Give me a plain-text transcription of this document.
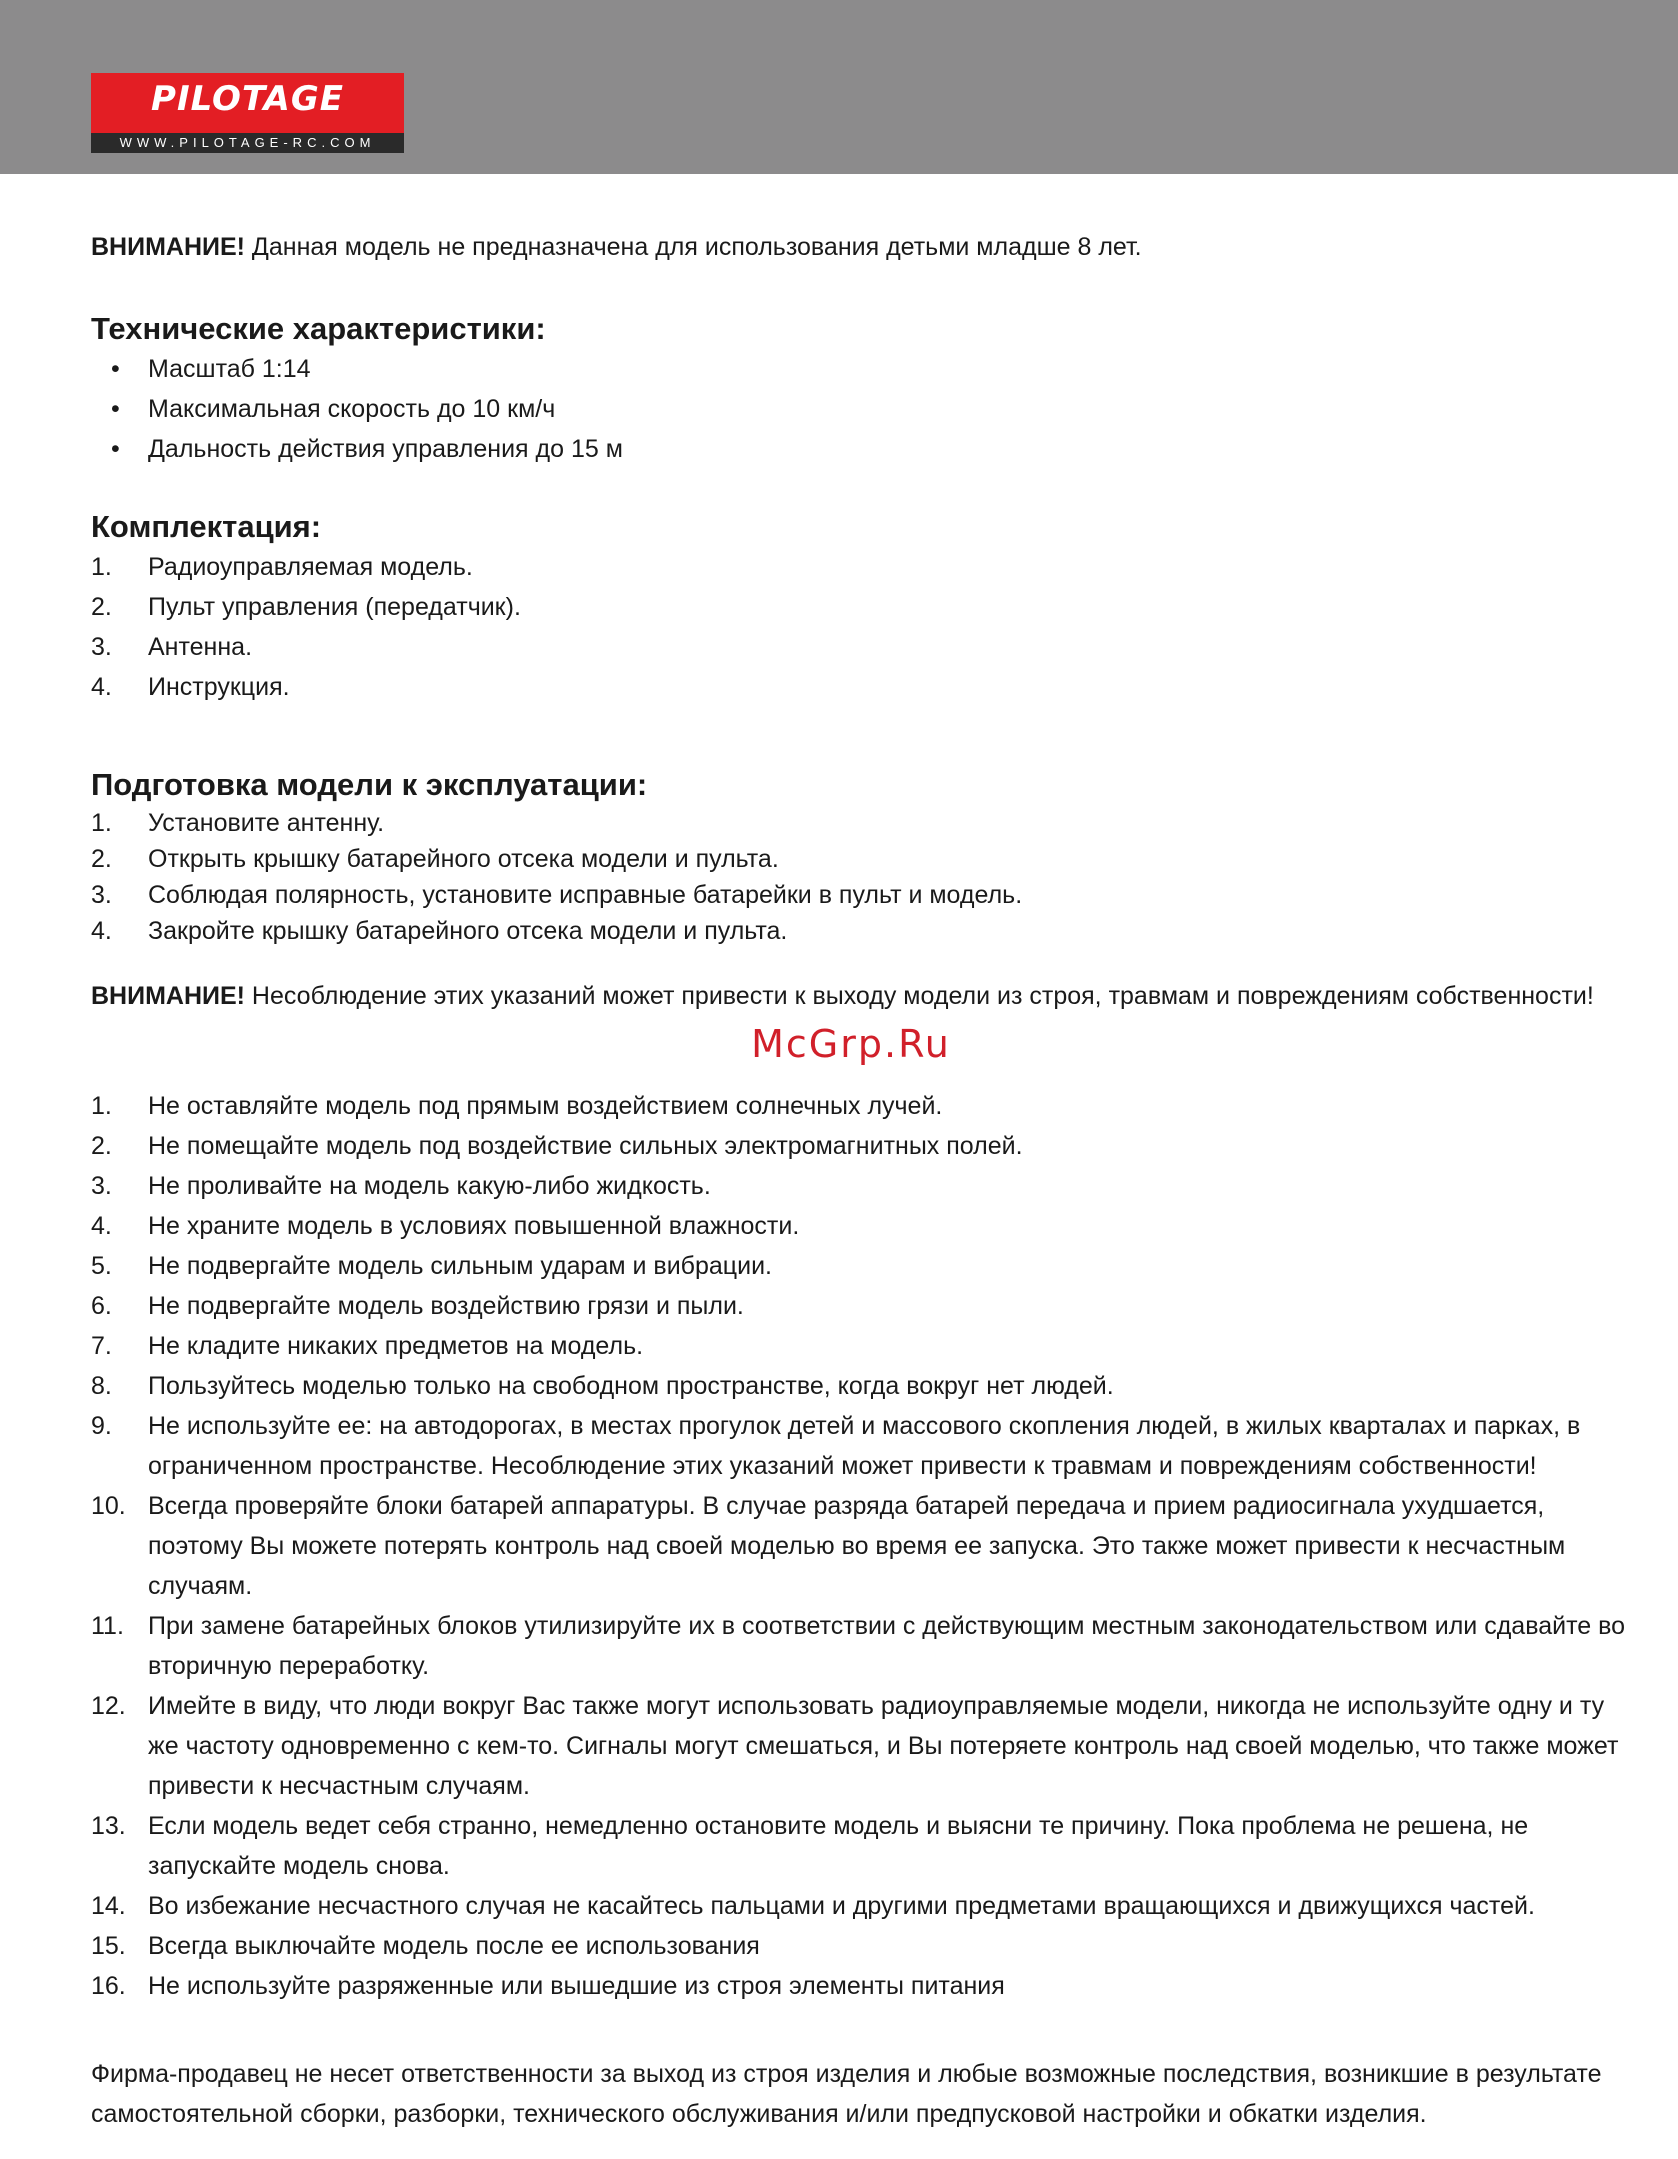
PILOTAGE
WWW.PILOTAGE-RC.COM

ВНИМАНИЕ! Данная модель не предназначена для использования детьми младше 8 лет.

Технические характеристики:
• Масштаб 1:14
• Максимальная скорость до 10 км/ч
• Дальность действия управления до 15 м
Комплектация:
1. Радиоуправляемая модель.
2. Пульт управления (передатчик).
3. Антенна.
4. Инструкция.
Подготовка модели к эксплуатации:
1. Установите антенну.
2. Открыть крышку батарейного отсека модели и пульта.
3. Соблюдая полярность, установите исправные батарейки в пульт и модель.
4. Закройте крышку батарейного отсека модели и пульта.

ВНИМАНИЕ! Несоблюдение этих указаний может привести к выходу модели из строя, травмам и повреждениям собственности!

McGrp.Ru
1. Не оставляйте модель под прямым воздействием солнечных лучей.
2. Не помещайте модель под воздействие сильных электромагнитных полей.
3. Не проливайте на модель какую-либо жидкость.
4. Не храните модель в условиях повышенной влажности.
5. Не подвергайте модель сильным ударам и вибрации.
6. Не подвергайте модель воздействию грязи и пыли.
7. Не кладите никаких предметов на модель.
8. Пользуйтесь моделью только на свободном пространстве, когда вокруг нет людей.
9. Не используйте ее: на автодорогах, в местах прогулок детей и массового скопления людей, в жилых кварталах и парках, в ограниченном пространстве. Несоблюдение этих указаний может привести к травмам и повреждениям собственности!
10. Всегда проверяйте блоки батарей аппаратуры. В случае разряда батарей передача и прием радиосигнала ухудшается, поэтому Вы можете потерять контроль над своей моделью во время ее запуска. Это также может привести к несчастным случаям.
11. При замене батарейных блоков утилизируйте их в соответствии с действующим местным законодательством или сдавайте во вторичную переработку.
12. Имейте в виду, что люди вокруг Вас также могут использовать радиоуправляемые модели, никогда не используйте одну и ту же частоту одновременно с кем-то. Сигналы могут смешаться, и Вы потеряете контроль над своей моделью, что также может привести к несчастным случаям.
13. Если модель ведет себя странно, немедленно остановите модель и выясни те причину. Пока проблема не решена, не запускайте модель снова.
14. Во избежание несчастного случая не касайтесь пальцами и другими предметами вращающихся и движущихся частей.
15. Всегда выключайте модель после ее использования
16. Не используйте разряженные или вышедшие из строя элементы питания

Фирма-продавец не несет ответственности за выход из строя изделия и любые возможные последствия, возникшие в результате самостоятельной сборки, разборки, технического обслуживания и/или предпусковой настройки и обкатки изделия.
